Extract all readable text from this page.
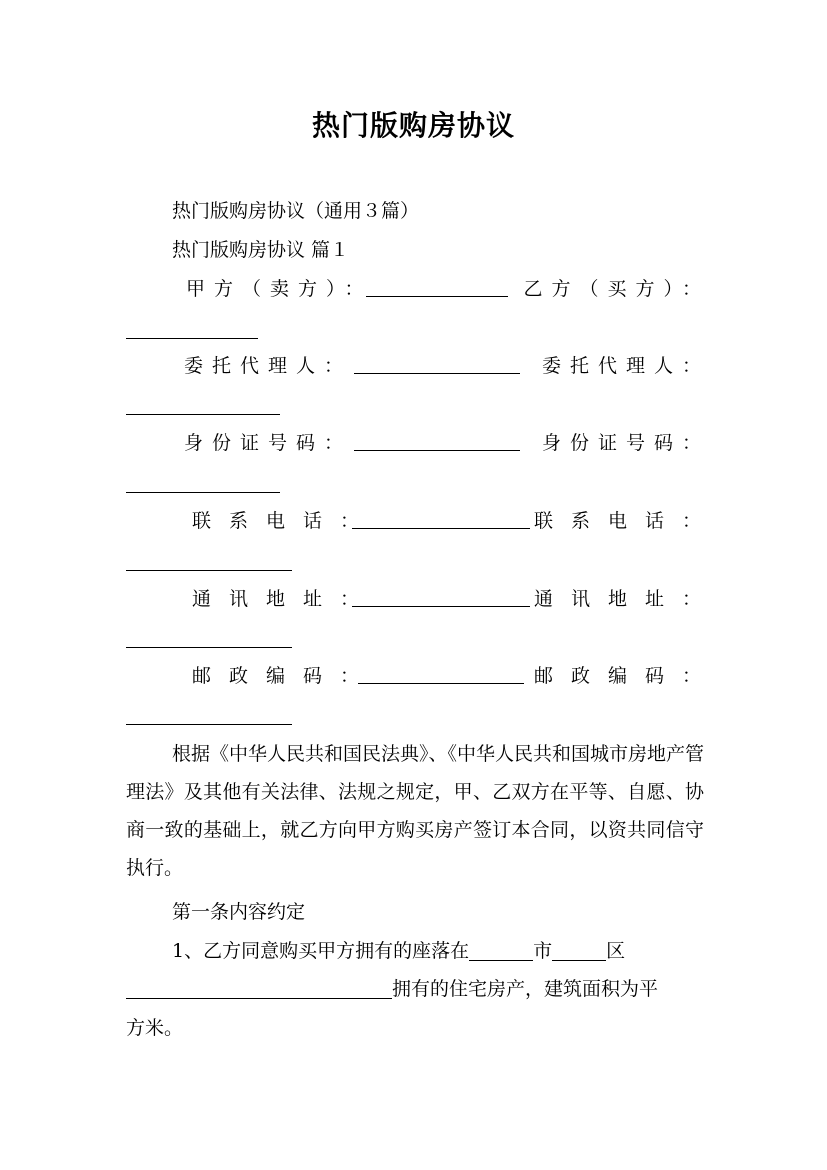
热门版购房协议
热门版购房协议（通用３篇）
热门版购房协议 篇１
甲方（卖方）：	乙方（买方）：
委托代理人：	委托代理人：
身份证号码：	身份证号码：
联系电话：	联系电话：
通讯地址：	通讯地址：
邮政编码：	邮政编码：
根据《中华人民共和国民法典》、《中华人民共和国城市房地产管理法》及其他有关法律、法规之规定，甲、乙双方在平等、自愿、协商一致的基础上，就乙方向甲方购买房产签订本合同，以资共同信守执行。
第一条内容约定
1、乙方同意购买甲方拥有的座落在	市	区
拥有的住宅房产，建筑面积为平
方米。
